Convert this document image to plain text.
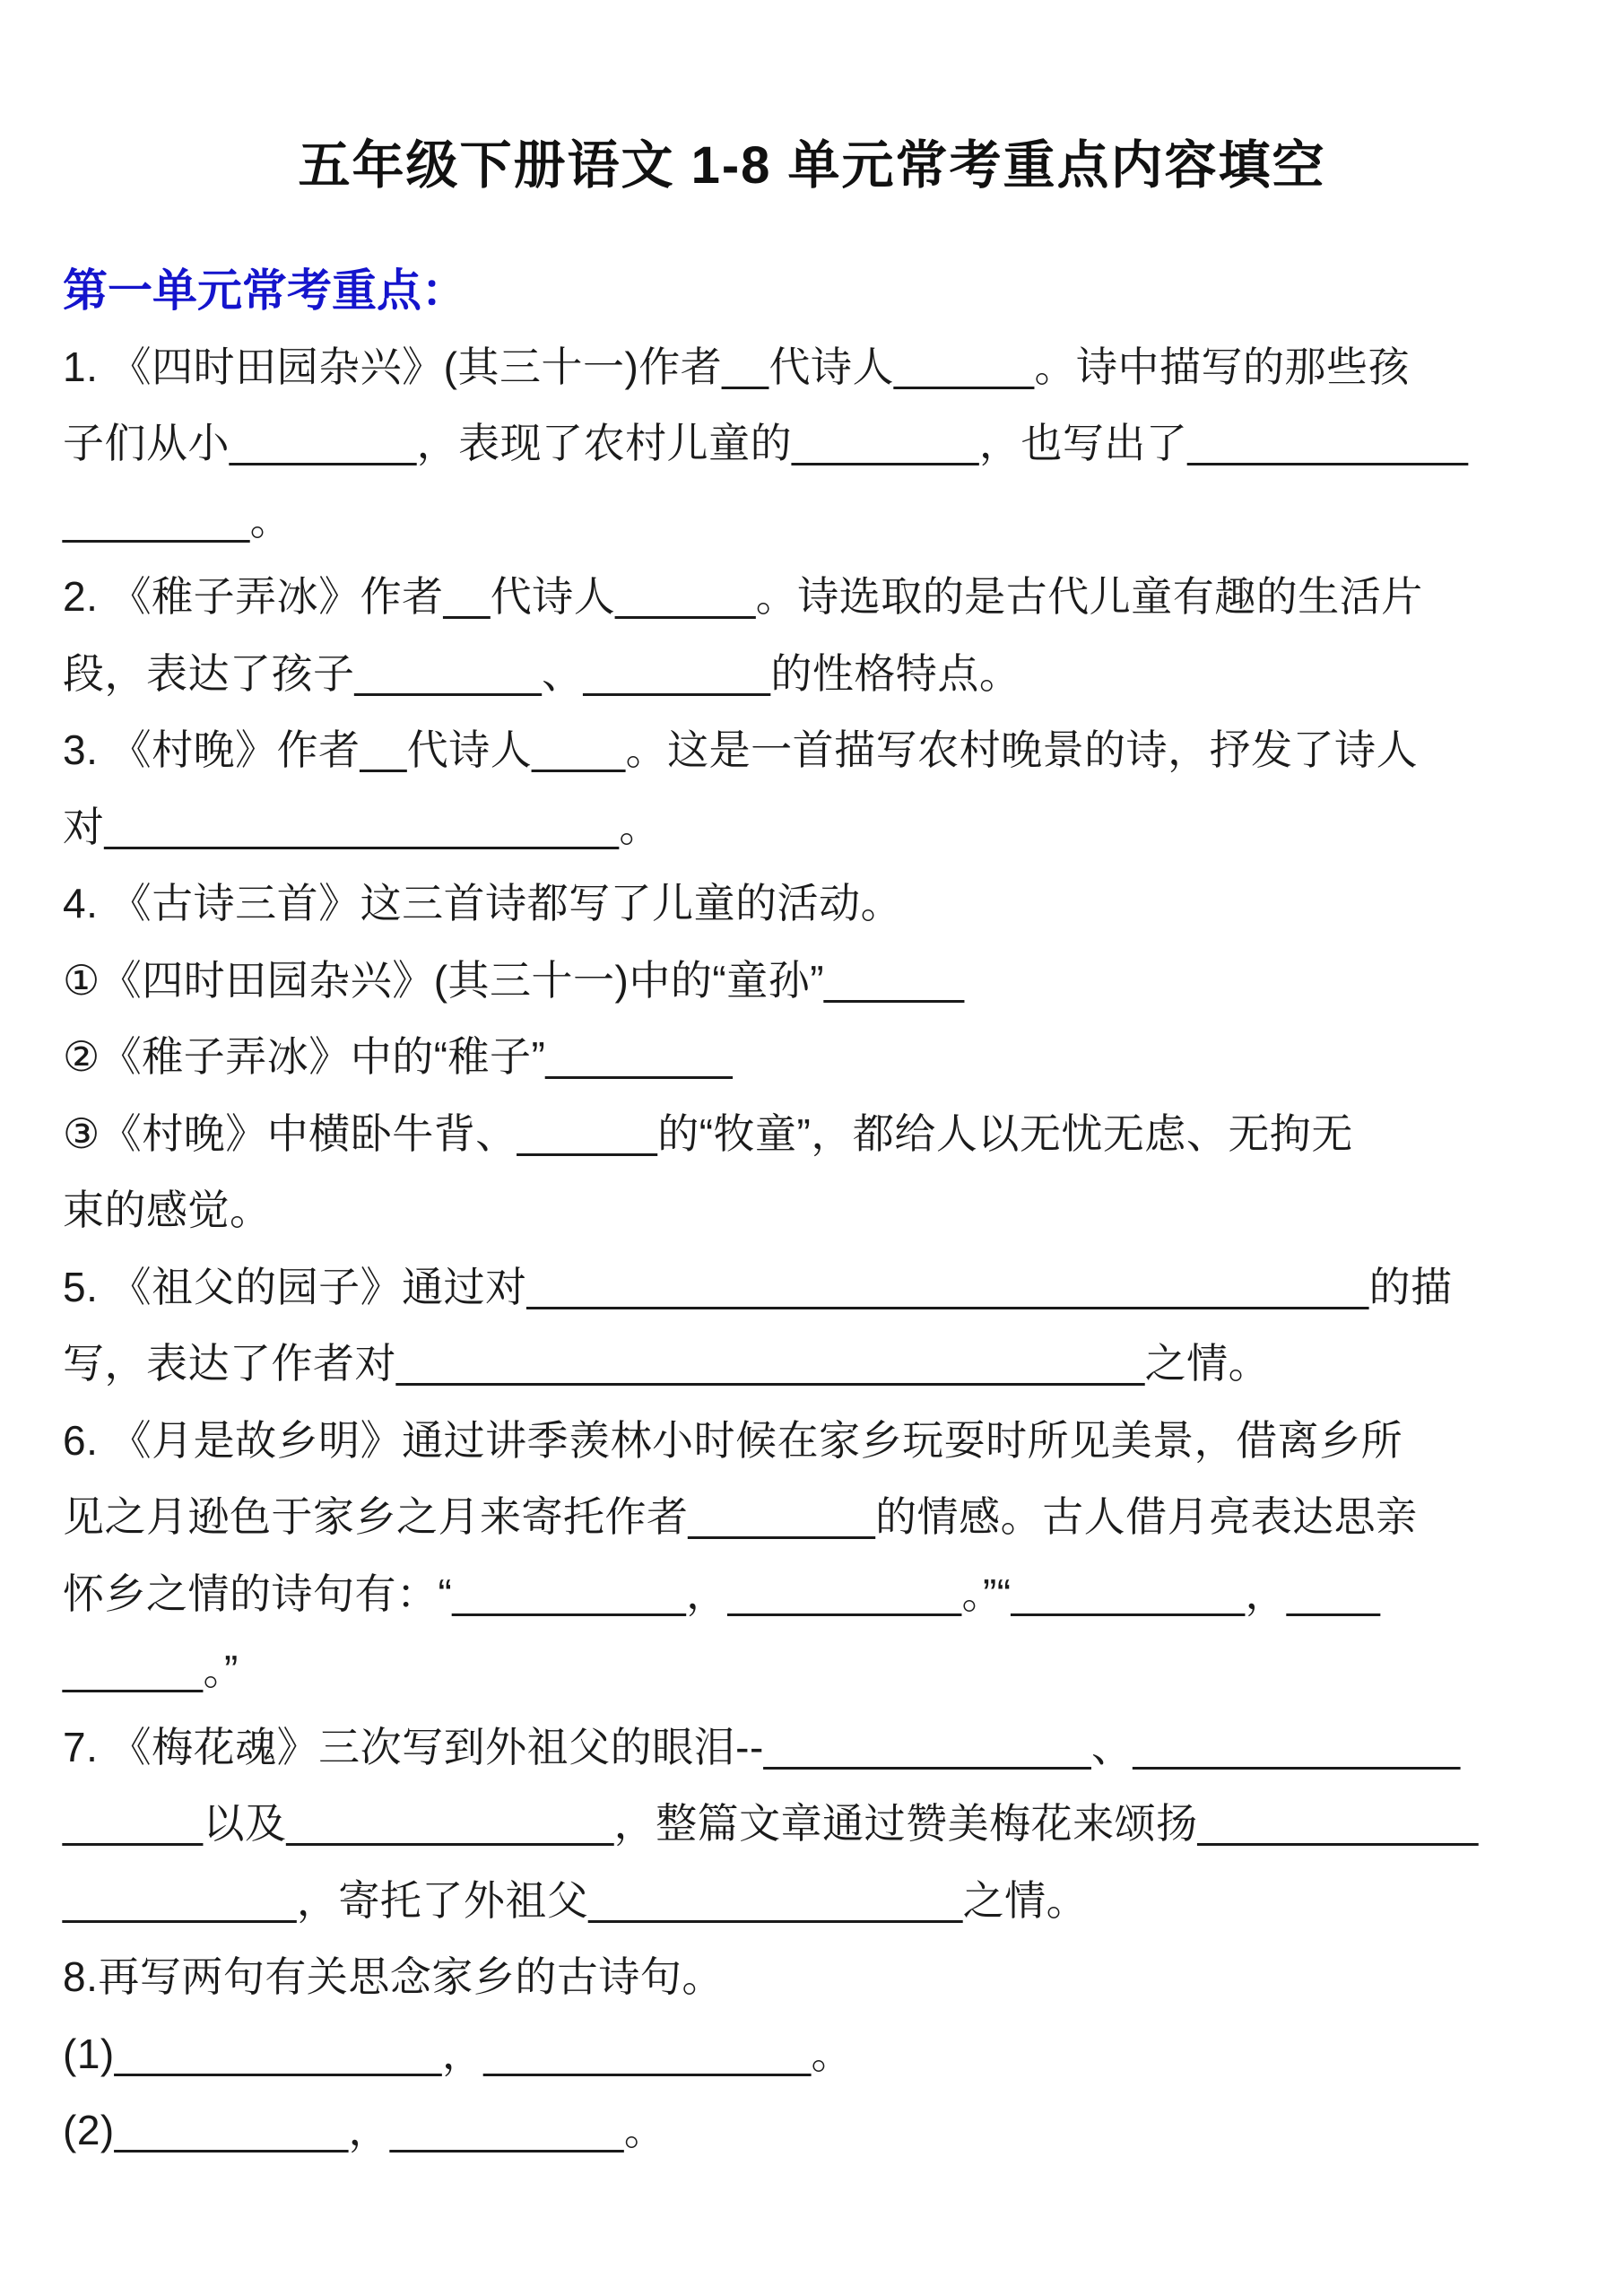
五年级下册语文 1-8 单元常考重点内容填空
第一单元常考重点：
1. 《四时田园杂兴》(其三十一)作者__代诗人______。诗中描写的那些孩
子们从小________，表现了农村儿童的________，也写出了____________
________。
2. 《稚子弄冰》作者__代诗人______。诗选取的是古代儿童有趣的生活片
段，表达了孩子________、________的性格特点。
3. 《村晚》作者__代诗人____。这是一首描写农村晚景的诗，抒发了诗人
对______________________。
4. 《古诗三首》这三首诗都写了儿童的活动。
①《四时田园杂兴》(其三十一)中的“童孙”______
②《稚子弄冰》中的“稚子”________
③《村晚》中横卧牛背、______的“牧童”，都给人以无忧无虑、无拘无
束的感觉。
5. 《祖父的园子》通过对____________________________________的描
写，表达了作者对________________________________之情。
6. 《月是故乡明》通过讲季羡林小时候在家乡玩耍时所见美景，借离乡所
见之月逊色于家乡之月来寄托作者________的情感。古人借月亮表达思亲
怀乡之情的诗句有：“__________，__________。”“__________，____
______。”
7. 《梅花魂》三次写到外祖父的眼泪--______________、______________
______以及______________，整篇文章通过赞美梅花来颂扬____________
__________，寄托了外祖父________________之情。
8.再写两句有关思念家乡的古诗句。
(1)______________，______________。
(2)__________，__________。
